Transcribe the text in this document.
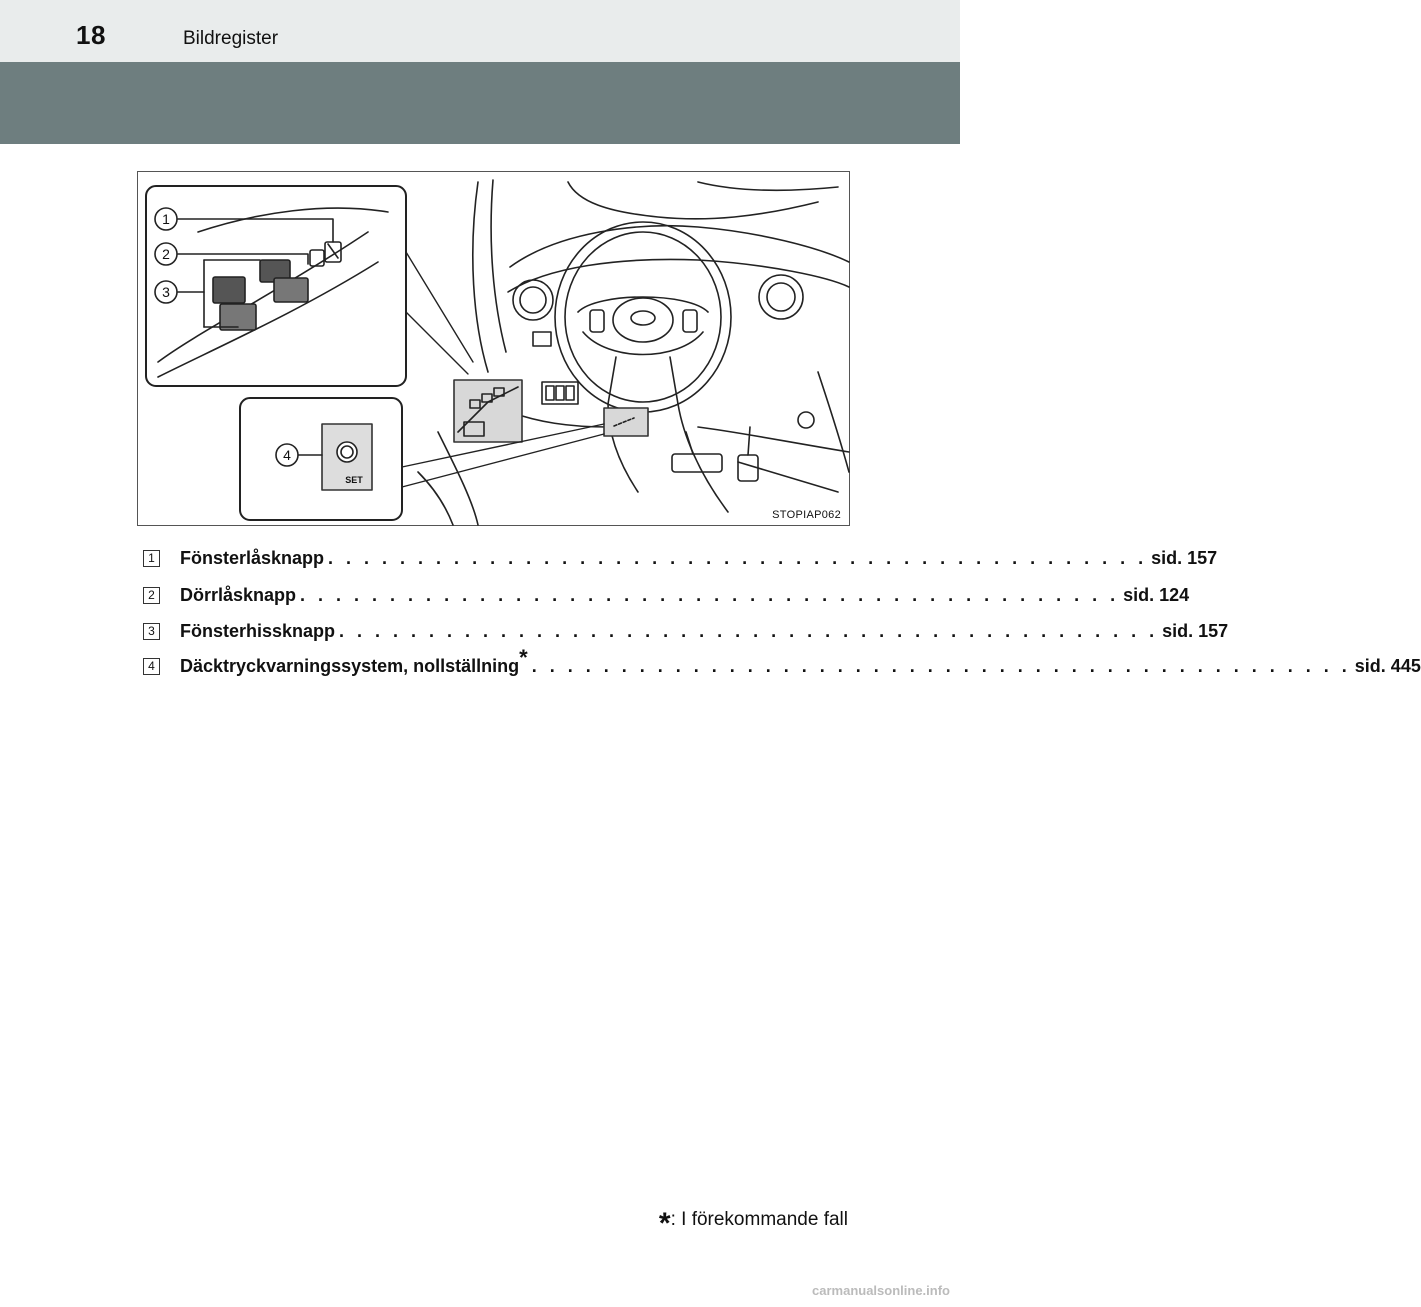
18	Bildregister
1
2
3
4
SET
STOPIAP062
1 Fönsterlåsknapp . . . . . . . . . . . . . . . . . . . . . . . . . . . . . . . . . . . . . . . . . . . . . . sid. 157
2 Dörrlåsknapp . . . . . . . . . . . . . . . . . . . . . . . . . . . . . . . . . . . . . . . . . . . . . . sid. 124
3 Fönsterhissknapp . . . . . . . . . . . . . . . . . . . . . . . . . . . . . . . . . . . . . . . . . . . . . . sid. 157
4 Däcktryckvarningssystem, nollställning* . . . . . . . . . . . . . . . . . . . . . . . . . . . . . . . . . . . . . . . . . . . . . . sid. 445
*: I förekommande fall
carmanualsonline.info
